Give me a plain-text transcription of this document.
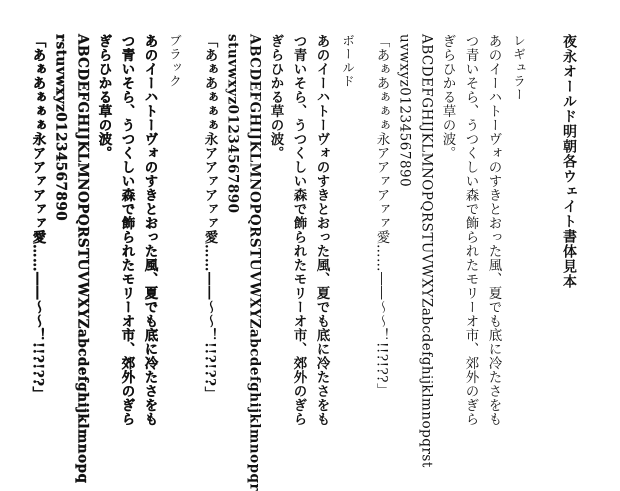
夜永オールド明朝各ウェイト書体見本
レギュラー
あのイーハトーヴォのすきとおった風、夏でも底に冷たさをも
つ青いそら、うつくしい森で飾られたモリーオ市、郊外のぎら
ぎらひかる草の波。
ABCDEFGHIJKLMNOPQRSTUVWXYZabcdefghijklmnopqrst
uvwxyz01234567890
「あぁあぁぁぁ永アアァアァァ愛……――〜〜！!!?!??」
ボールド
あのイーハトーヴォのすきとおった風、夏でも底に冷たさをも
つ青いそら、うつくしい森で飾られたモリーオ市、郊外のぎら
ぎらひかる草の波。
ABCDEFGHIJKLMNOPQRSTUVWXYZabcdefghijklmnopqr
stuvwxyz01234567890
「あぁあぁぁぁ永アアァアァァ愛……――〜〜！!!?!??」
ブラック
あのイーハトーヴォのすきとおった風、夏でも底に冷たさをも
つ青いそら、うつくしい森で飾られたモリーオ市、郊外のぎら
ぎらひかる草の波。
ABCDEFGHIJKLMNOPQRSTUVWXYZabcdefghijklmnopq
rstuvwxyz01234567890
「あぁあぁぁぁ永アアァアァァ愛……――〜〜！!!?!??」
